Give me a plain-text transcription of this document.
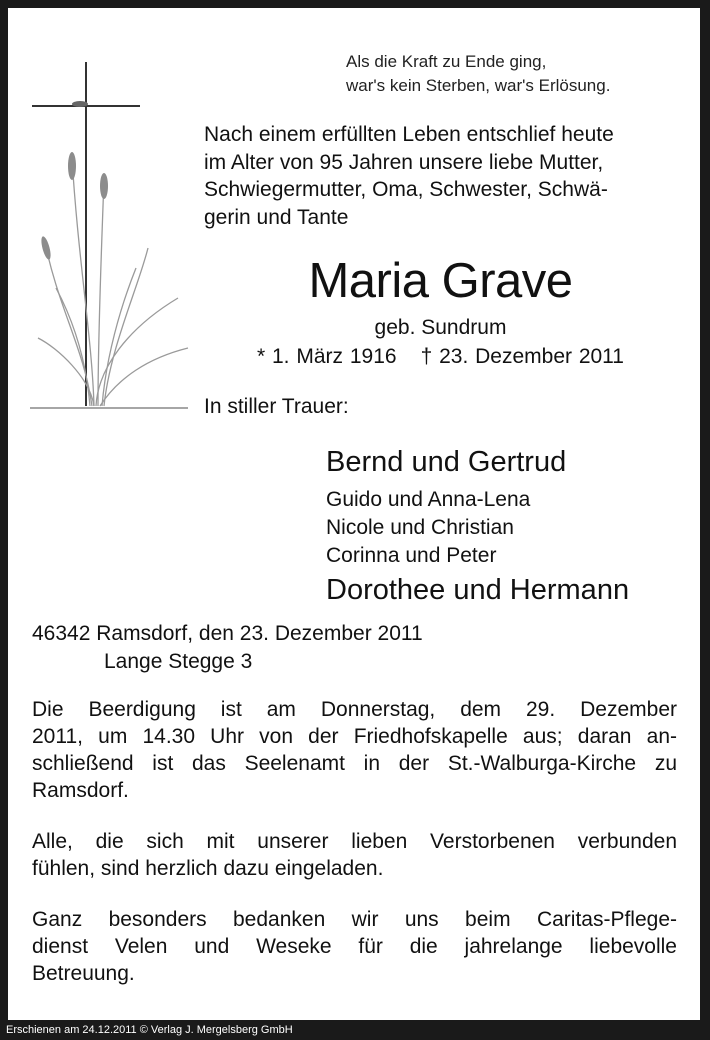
Als die Kraft zu Ende ging,
war's kein Sterben, war's Erlösung.

Nach einem erfüllten Leben entschlief heute

im Alter von 95 Jahren unsere liebe Mutter,

Schwiegermutter, Oma, Schwester, Schwä-

gerin und Tante

Maria Grave
geb. Sundrum
* 1. März 1916 † 23. Dezember 2011
In stiller Trauer:

Bernd und Gertrud

Guido und Anna-Lena

Nicole und Christian

Corinna und Peter

Dorothee und Hermann

46342 Ramsdorf, den 23. Dezember 2011
Lange Stegge 3

Die Beerdigung ist am Donnerstag, dem 29. Dezember

2011, um 14.30 Uhr von der Friedhofskapelle aus; daran an-

schließend ist das Seelenamt in der St.-Walburga-Kirche zu

Ramsdorf.

Alle, die sich mit unserer lieben Verstorbenen verbunden

fühlen, sind herzlich dazu eingeladen.

Ganz besonders bedanken wir uns beim Caritas-Pflege-

dienst Velen und Weseke für die jahrelange liebevolle

Betreuung.

Erschienen am 24.12.2011 © Verlag J. Mergelsberg GmbH
